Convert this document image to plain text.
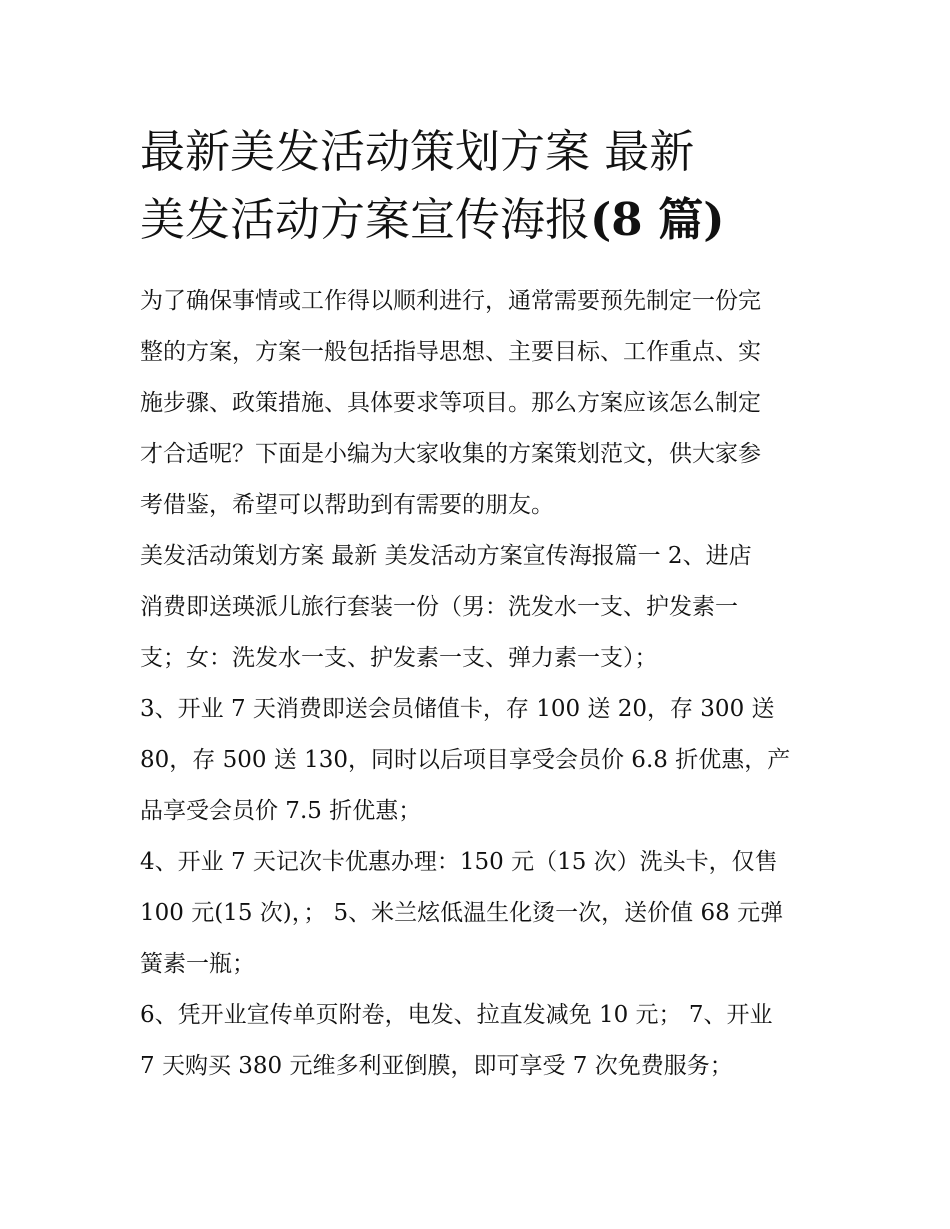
最新美发活动策划方案 最新
美发活动方案宣传海报(8 篇)

为了确保事情或工作得以顺利进行，通常需要预先制定一份完
整的方案，方案一般包括指导思想、主要目标、工作重点、实
施步骤、政策措施、具体要求等项目。那么方案应该怎么制定
才合适呢？下面是小编为大家收集的方案策划范文，供大家参
考借鉴，希望可以帮助到有需要的朋友。

美发活动策划方案 最新 美发活动方案宣传海报篇一 2、进店
消费即送瑛派儿旅行套装一份（男：洗发水一支、护发素一
支；女：洗发水一支、护发素一支、弹力素一支）；

3、开业 7 天消费即送会员储值卡，存 100 送 20，存 300 送
80，存 500 送 130，同时以后项目享受会员价 6.8 折优惠，产
品享受会员价 7.5 折优惠；

4、开业 7 天记次卡优惠办理：150 元（15 次）洗头卡，仅售
100 元(15 次)，； 5、米兰炫低温生化烫一次，送价值 68 元弹
簧素一瓶；

6、凭开业宣传单页附卷，电发、拉直发减免 10 元； 7、开业
7 天购买 380 元维多利亚倒膜，即可享受 7 次免费服务；
